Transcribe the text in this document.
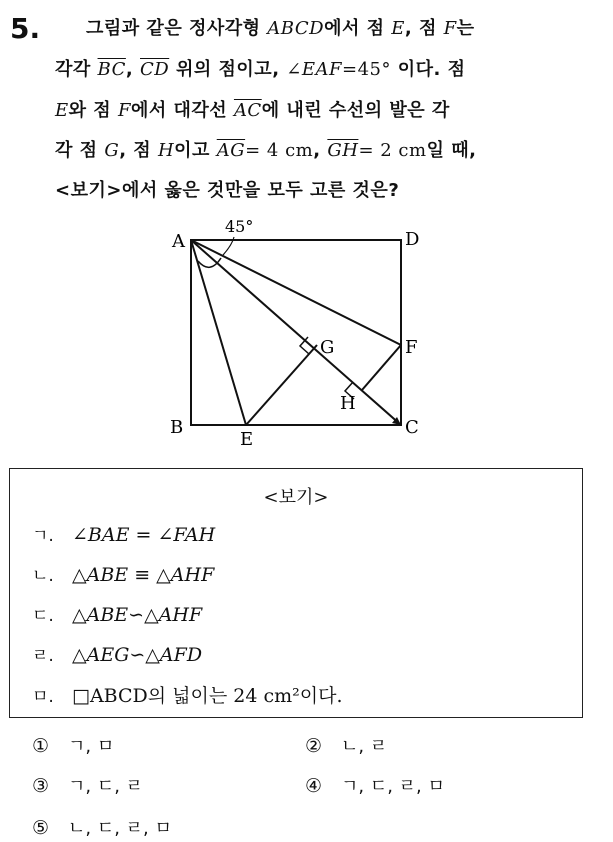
5.	그림과 같은 정사각형 ABCD에서 점 E, 점 F는
각각 $\overline{BC}$, $\overline{CD}$ 위의 점이고, ∠EAF=45° 이다. 점
E와 점 F에서 대각선 $\overline{AC}$에 내린 수선의 발은 각
각 점 G, 점 H이고 $\overline{AG}= 4$ cm, $\overline{GH}= 2$ cm일 때,
<보기>에서 옳은 것만을 모두 고른 것은?
A	D
B	C
E
F
G
H
45°
<보기>
ㄱ. ∠BAE = ∠FAH
ㄴ. △ABE ≡ △AHF
ㄷ. △ABE∽△AHF
ㄹ. △AEG∽△AFD
ㅁ. □ABCD의 넓이는 24 cm²이다.
① ㄱ, ㅁ	② ㄴ, ㄹ
③ ㄱ, ㄷ, ㄹ	④ ㄱ, ㄷ, ㄹ, ㅁ
⑤ ㄴ, ㄷ, ㄹ, ㅁ
